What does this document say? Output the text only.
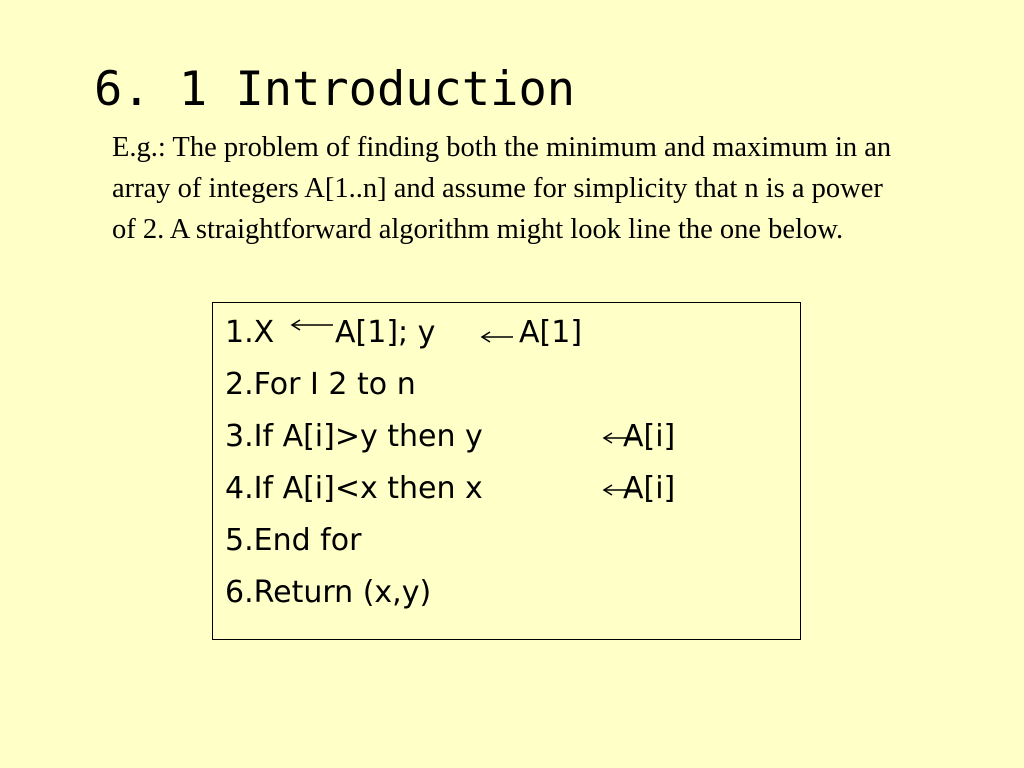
6. 1 Introduction

E.g.: The problem of finding both the minimum and maximum in an array of integers A[1..n] and assume for simplicity that n is a power of 2. A straightforward algorithm might look line the one below.

1.X A[1]; y	A[1]
2.For I 2 to n
3.If A[i]>y then y	A[i]
4.If A[i]<x then x	A[i]
5.End for
6.Return (x,y)
